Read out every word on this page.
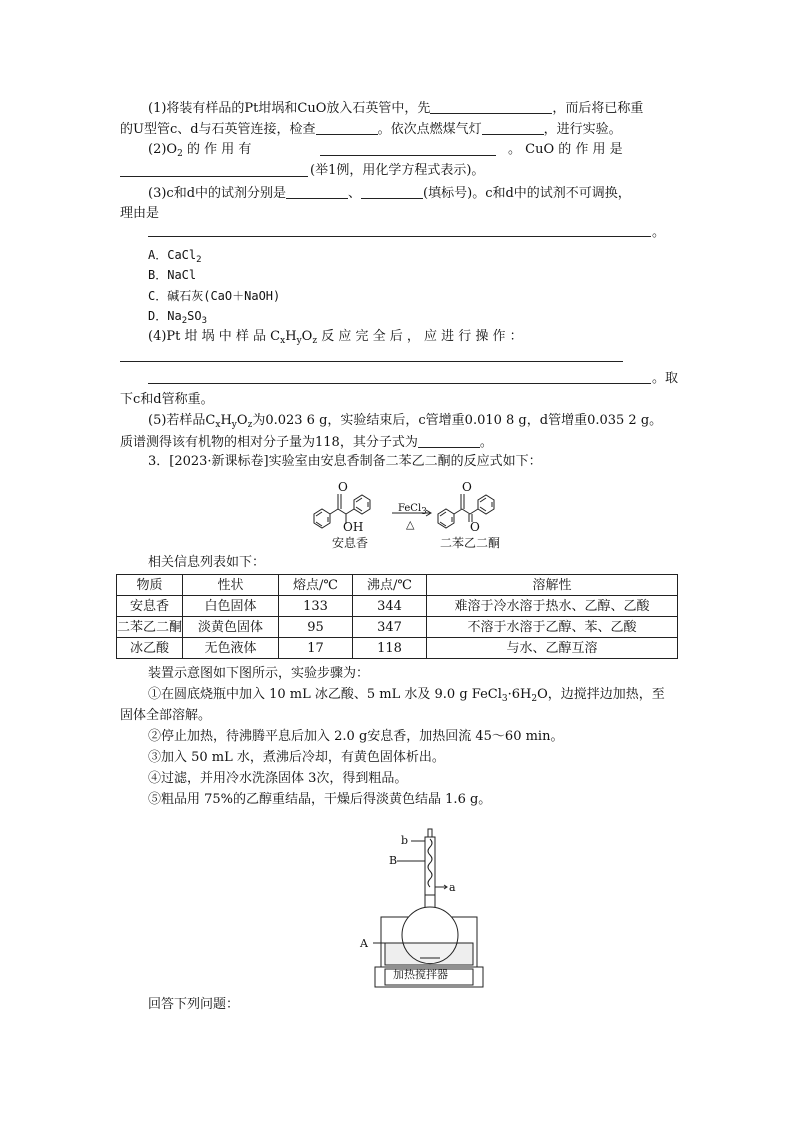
(1)将装有样品的Pt坩埚和CuO放入石英管中，先	，而后将已称重
的U型管c、d与石英管连接，检查	。依次点燃煤气灯	，进行实验。
$(2)O_2$ 的 作 用 有	。 CuO 的 作 用 是
(举1例，用化学方程式表示)。
(3)c和d中的试剂分别是	、	(填标号)。c和d中的试剂不可调换，
理由是
。
A．CaCl$_2$
B．NaCl
C．碱石灰(CaO＋NaOH)
D．$Na_2SO_3$
(4)Pt 坩 埚 中 样 品 $C_xH_yO_z$ 反 应 完 全 后 ， 应 进 行 操 作 ：
。取
下c和d管称重。
(5)若样品$C_xH_yO_z$为0.023 6 g，实验结束后，c管增重0.010 8 g，d管增重0.035 2 g。
质谱测得该有机物的相对分子量为118，其分子式为	。
3．[2023·新课标卷]实验室由安息香制备二苯乙二酮的反应式如下：
O
OH
O
O
FeCl3
△
安息香	二苯乙二酮
相关信息列表如下：
物质	性状	熔点/℃	沸点/℃	溶解性
安息香	白色固体	133	344	难溶于冷水溶于热水、乙醇、乙酸
二苯乙二酮	淡黄色固体	95	347	不溶于水溶于乙醇、苯、乙酸
冰乙酸	无色液体	17	118	与水、乙醇互溶
装置示意图如下图所示，实验步骤为：
①在圆底烧瓶中加入 10 mL 冰乙酸、5 mL 水及 9.0 g $FeCl_3\cdot 6H_2O$，边搅拌边加热，至
固体全部溶解。
②停止加热，待沸腾平息后加入 2.0 g安息香，加热回流 45～60 min。
③加入 50 mL 水，煮沸后冷却，有黄色固体析出。
④过滤，并用冷水洗涤固体 3次，得到粗品。
⑤粗品用 75%的乙醇重结晶，干燥后得淡黄色结晶 1.6 g。
b
B
a
A
加热搅拌器
回答下列问题：
